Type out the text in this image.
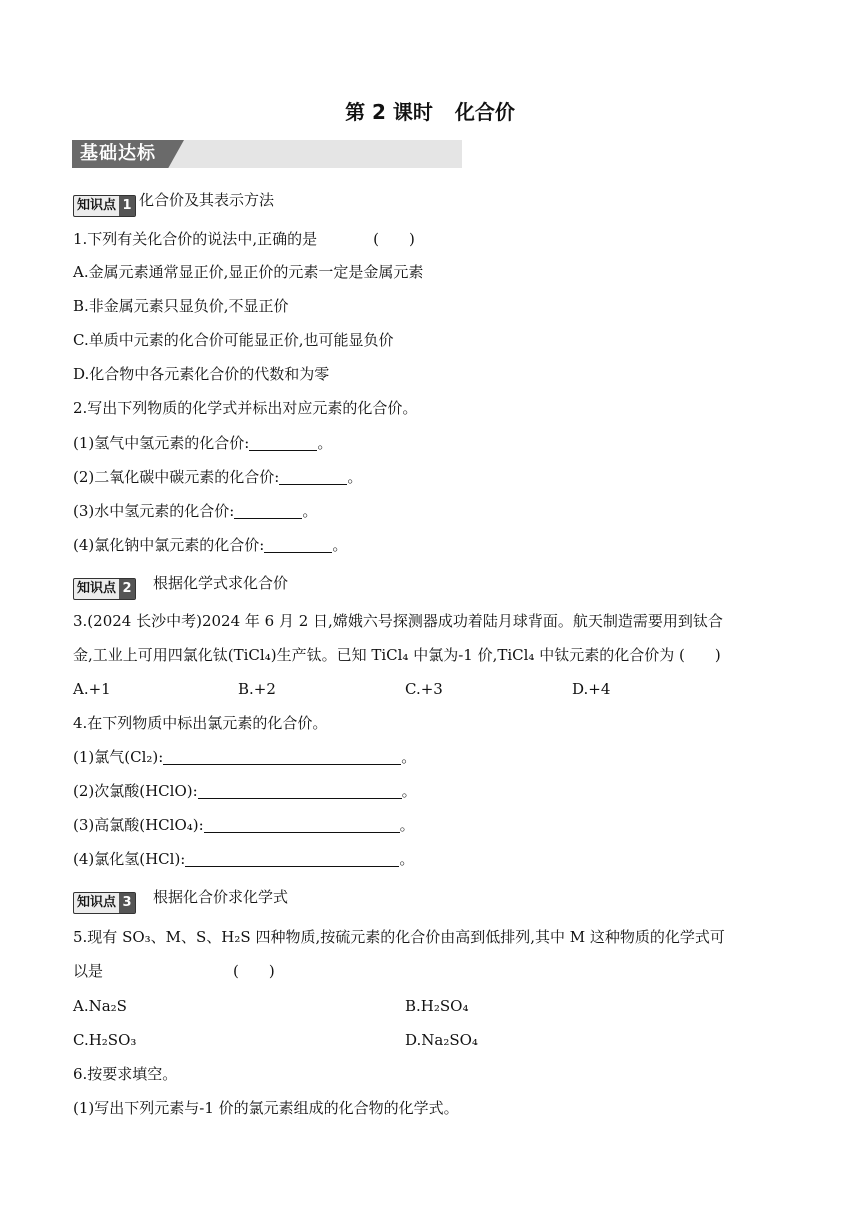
第 2 课时 化合价
基础达标
知识点 1 化合价及其表示方法
1.下列有关化合价的说法中,正确的是	(　　)
A.金属元素通常显正价,显正价的元素一定是金属元素
B.非金属元素只显负价,不显正价
C.单质中元素的化合价可能显正价,也可能显负价
D.化合物中各元素化合价的代数和为零
2.写出下列物质的化学式并标出对应元素的化合价。
(1)氢气中氢元素的化合价:	。
(2)二氧化碳中碳元素的化合价:	。
(3)水中氢元素的化合价:	。
(4)氯化钠中氯元素的化合价:	。
知识点 2 根据化学式求化合价
3.(2024 长沙中考)2024 年 6 月 2 日,嫦娥六号探测器成功着陆月球背面。航天制造需要用到钛合
金,工业上可用四氯化钛(TiCl₄)生产钛。已知 TiCl₄ 中氯为-1 价,TiCl₄ 中钛元素的化合价为 (　　)
A.+1	B.+2	C.+3	D.+4
4.在下列物质中标出氯元素的化合价。
(1)氯气(Cl₂):	。
(2)次氯酸(HClO):	。
(3)高氯酸(HClO₄):	。
(4)氯化氢(HCl):	。
知识点 3 根据化合价求化学式
5.现有 SO₃、M、S、H₂S 四种物质,按硫元素的化合价由高到低排列,其中 M 这种物质的化学式可
以是	(　　)
A.Na₂S	B.H₂SO₄
C.H₂SO₃	D.Na₂SO₄
6.按要求填空。
(1)写出下列元素与-1 价的氯元素组成的化合物的化学式。
